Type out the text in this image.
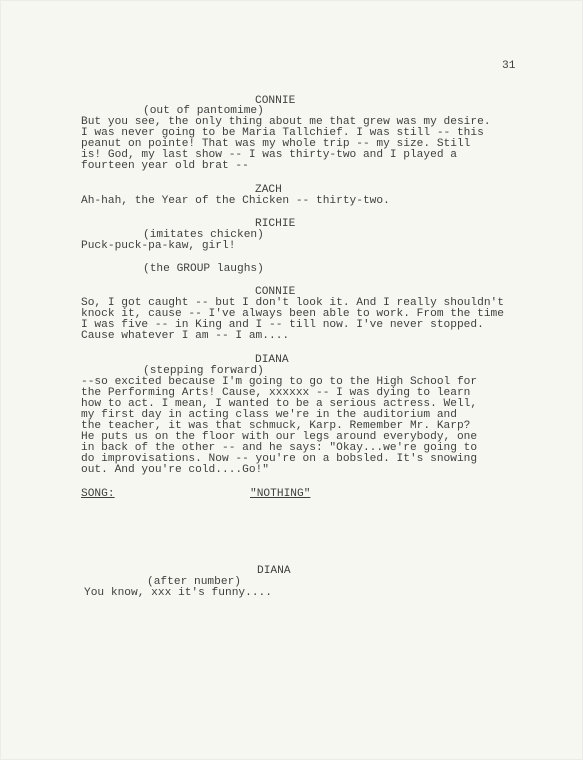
31
CONNIE
(out of pantomime)
But you see, the only thing about me that grew was my desire.
I was never going to be Maria Tallchief. I was still -- this
peanut on pointe! That was my whole trip -- my size. Still
is! God, my last show -- I was thirty-two and I played a
fourteen year old brat --
ZACH
Ah-hah, the Year of the Chicken -- thirty-two.
RICHIE
(imitates chicken)
Puck-puck-pa-kaw, girl!
(the GROUP laughs)
CONNIE
So, I got caught -- but I don't look it. And I really shouldn't
knock it, cause -- I've always been able to work. From the time
I was five -- in King and I -- till now. I've never stopped.
Cause whatever I am -- I am....
DIANA
(stepping forward)
--so excited because I'm going to go to the High School for
the Performing Arts! Cause, xxxxxx -- I was dying to learn
how to act. I mean, I wanted to be a serious actress. Well,
my first day in acting class we're in the auditorium and
the teacher, it was that schmuck, Karp. Remember Mr. Karp?
He puts us on the floor with our legs around everybody, one
in back of the other -- and he says: "Okay...we're going to
do improvisations. Now -- you're on a bobsled. It's snowing
out. And you're cold....Go!"
SONG:	"NOTHING"
DIANA
(after number)
You know, xxx it's funny....
